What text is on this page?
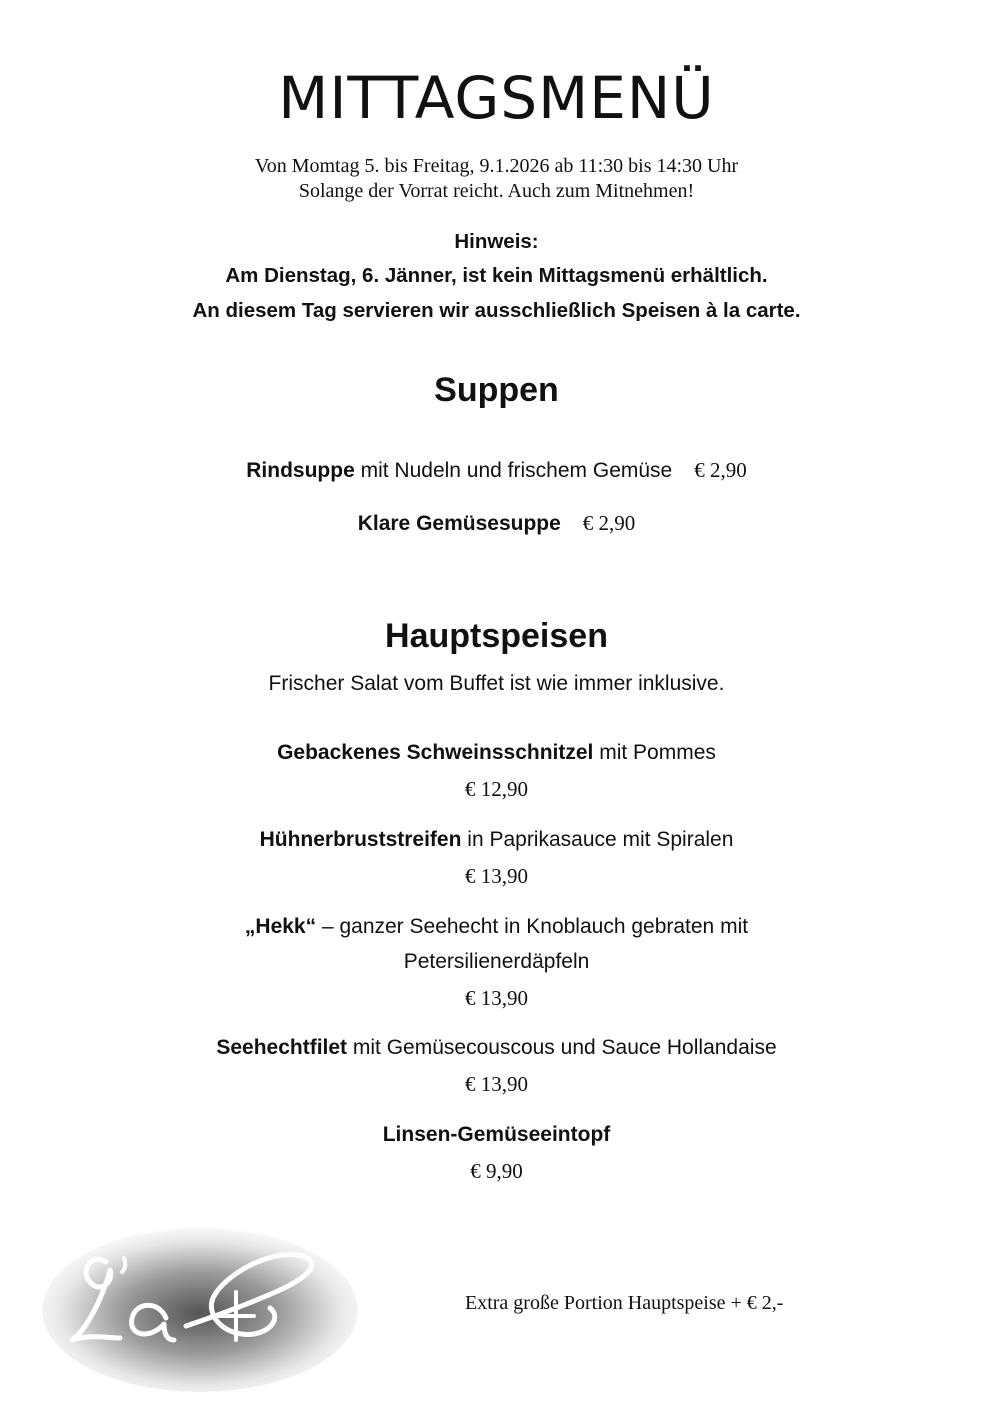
MITTAGSMENÜ
Von Momtag 5. bis Freitag, 9.1.2026 ab 11:30 bis 14:30 Uhr
Solange der Vorrat reicht. Auch zum Mitnehmen!
Hinweis:
Am Dienstag, 6. Jänner, ist kein Mittagsmenü erhältlich.
An diesem Tag servieren wir ausschließlich Speisen à la carte.
Suppen
Rindsuppe mit Nudeln und frischem Gemüse € 2,90
Klare Gemüsesuppe € 2,90
Hauptspeisen
Frischer Salat vom Buffet ist wie immer inklusive.
Gebackenes Schweinsschnitzel mit Pommes
€ 12,90
Hühnerbruststreifen in Paprikasauce mit Spiralen
€ 13,90
„Hekk“ – ganzer Seehecht in Knoblauch gebraten mit
Petersilienerdäpfeln
€ 13,90
Seehechtfilet mit Gemüsecouscous und Sauce Hollandaise
€ 13,90
Linsen-Gemüseeintopf
€ 9,90
Extra große Portion Hauptspeise + € 2,-
